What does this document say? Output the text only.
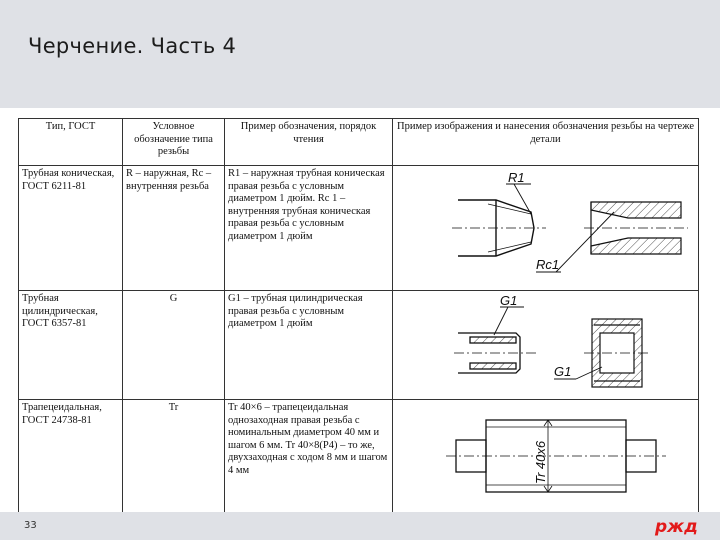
Черчение. Часть 4
Тип, ГОСТ	Условное обозначение типа резьбы	Пример обозначения, порядок чтения	Пример изображения и нанесения обозначения резьбы на чертеже детали
Трубная коническая, ГОСТ 6211-81	R – наружная, Rc – внутренняя резьба	R1 – наружная трубная коническая правая резьба с условным диаметром 1 дюйм. Rc 1 – внутренняя трубная коническая правая резьба с условным диаметром 1 дюйм	R1
Rc1

Трубная цилиндрическая, ГОСТ 6357-81	G	G1 – трубная цилиндрическая правая резьба с условным диаметром 1 дюйм	G1
G1

Трапецеидальная, ГОСТ 24738-81	Tr	Tr 40×6 – трапецеидальная однозаходная правая резьба с номинальным диаметром 40 мм и шагом 6 мм. Tr 40×8(P4) – то же, двухзаходная с ходом 8 мм и шагом 4 мм	Tr 40х6
33	ржд
